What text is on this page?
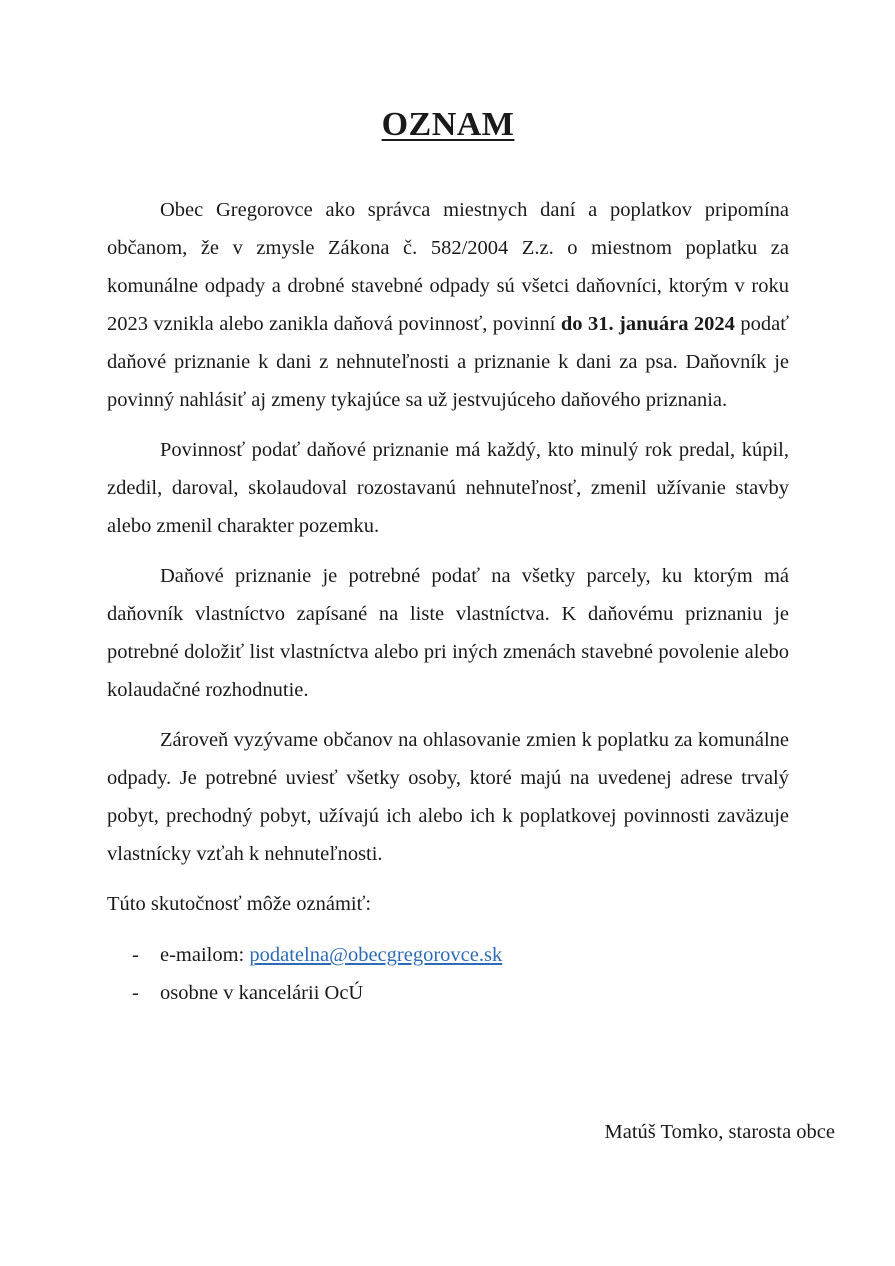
OZNAM

Obec Gregorovce ako správca miestnych daní a poplatkov pripomína občanom, že v zmysle Zákona č. 582/2004 Z.z. o miestnom poplatku za komunálne odpady a drobné stavebné odpady sú všetci daňovníci, ktorým v roku 2023 vznikla alebo zanikla daňová povinnosť, povinní do 31. januára 2024 podať daňové priznanie k dani z nehnuteľnosti a priznanie k dani za psa. Daňovník je povinný nahlásiť aj zmeny tykajúce sa už jestvujúceho daňového priznania.

Povinnosť podať daňové priznanie má každý, kto minulý rok predal, kúpil, zdedil, daroval, skolaudoval rozostavanú nehnuteľnosť, zmenil užívanie stavby alebo zmenil charakter pozemku.

Daňové priznanie je potrebné podať na všetky parcely, ku ktorým má daňovník vlastníctvo zapísané na liste vlastníctva. K daňovému priznaniu je potrebné doložiť list vlastníctva alebo pri iných zmenách stavebné povolenie alebo kolaudačné rozhodnutie.

Zároveň vyzývame občanov na ohlasovanie zmien k poplatku za komunálne odpady. Je potrebné uviesť všetky osoby, ktoré majú na uvedenej adrese trvalý pobyt, prechodný pobyt, užívajú ich alebo ich k poplatkovej povinnosti zaväzuje vlastnícky vzťah k nehnuteľnosti.

Túto skutočnosť môže oznámiť:

- e-mailom: podatelna@obecgregorovce.sk
- osobne v kancelárii OcÚ
Matúš Tomko, starosta obce
